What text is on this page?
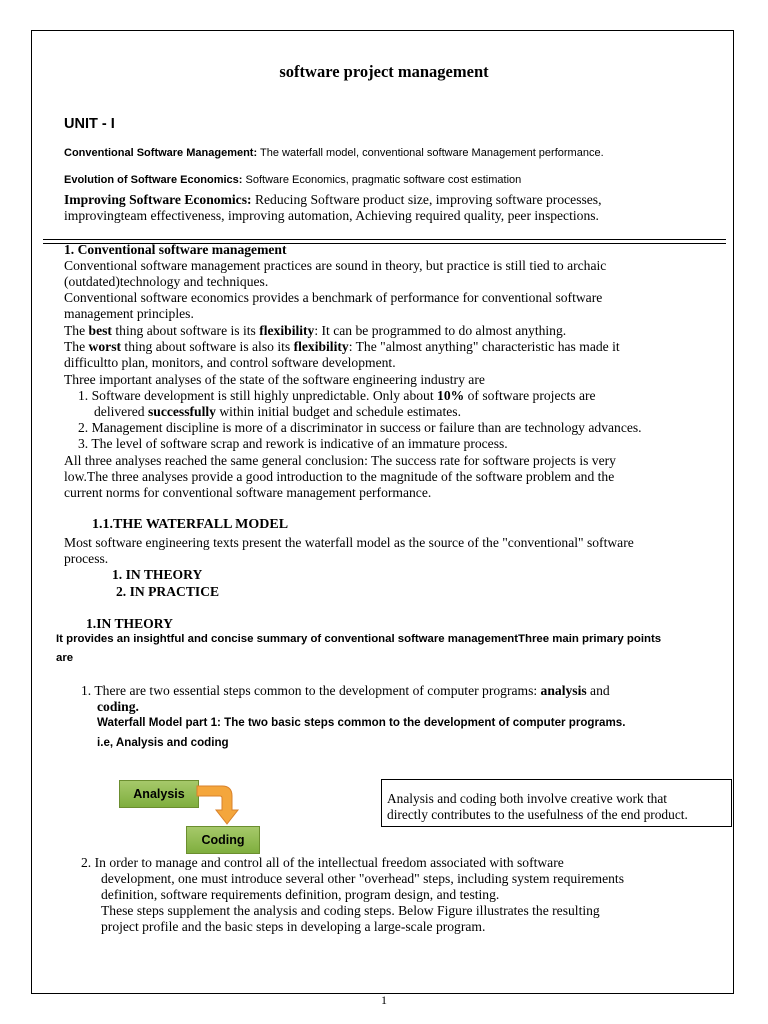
software project management
UNIT - I
Conventional Software Management: The waterfall model, conventional software Management performance.
Evolution of Software Economics: Software Economics, pragmatic software cost estimation
Improving Software Economics: Reducing Software product size, improving software processes,
improvingteam effectiveness, improving automation, Achieving required quality, peer inspections.
1. Conventional software management
Conventional software management practices are sound in theory, but practice is still tied to archaic
(outdated)technology and techniques.
Conventional software economics provides a benchmark of performance for conventional software
management principles.
The best thing about software is its flexibility: It can be programmed to do almost anything.
The worst thing about software is also its flexibility: The "almost anything" characteristic has made it
difficultto plan, monitors, and control software development.
Three important analyses of the state of the software engineering industry are
1. Software development is still highly unpredictable. Only about 10% of software projects are
delivered successfully within initial budget and schedule estimates.
2. Management discipline is more of a discriminator in success or failure than are technology advances.
3. The level of software scrap and rework is indicative of an immature process.
All three analyses reached the same general conclusion: The success rate for software projects is very
low.The three analyses provide a good introduction to the magnitude of the software problem and the
current norms for conventional software management performance.
1.1.THE WATERFALL MODEL
Most software engineering texts present the waterfall model as the source of the "conventional" software
process.
1. IN THEORY
2. IN PRACTICE
1.IN THEORY
It provides an insightful and concise summary of conventional software managementThree main primary points
are
1. There are two essential steps common to the development of computer programs: analysis and
coding.
Waterfall Model part 1: The two basic steps common to the development of computer programs.
i.e, Analysis and coding
Analysis
Coding
Analysis and coding both involve creative work that
directly contributes to the usefulness of the end product.
2. In order to manage and control all of the intellectual freedom associated with software
development, one must introduce several other "overhead" steps, including system requirements
definition, software requirements definition, program design, and testing.
These steps supplement the analysis and coding steps. Below Figure illustrates the resulting
project profile and the basic steps in developing a large-scale program.
1
